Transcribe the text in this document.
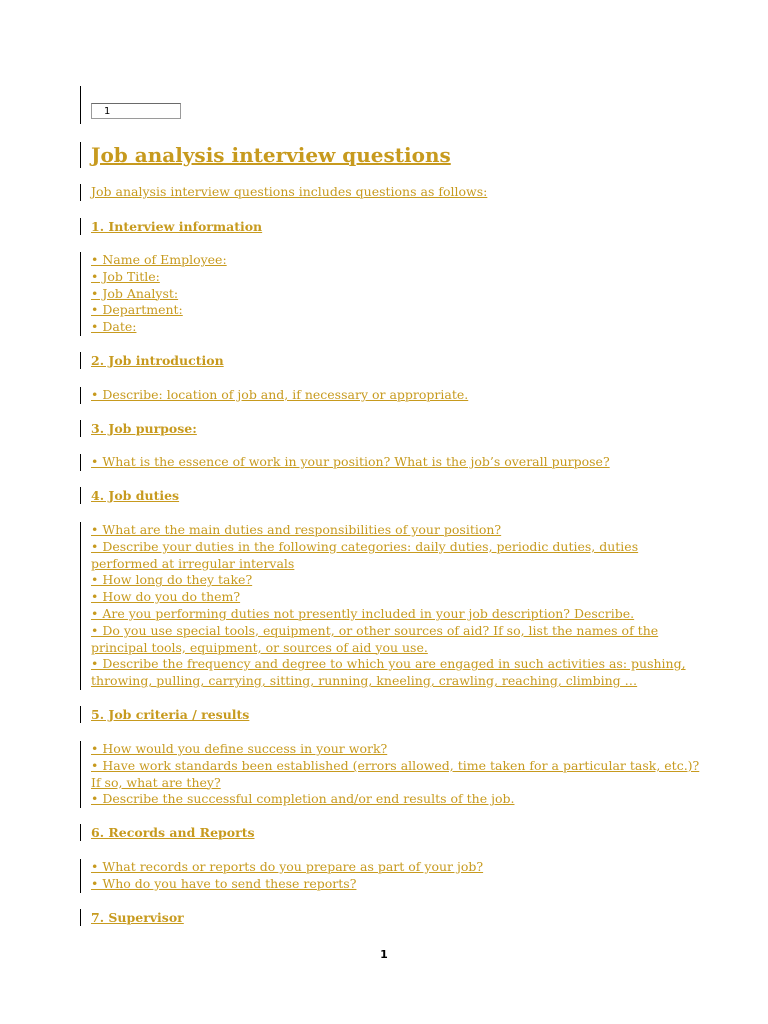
1
Job analysis interview questions
Job analysis interview questions includes questions as follows:
1. Interview information
• Name of Employee:
• Job Title:
• Job Analyst:
• Department:
• Date:
2. Job introduction
• Describe: location of job and, if necessary or appropriate.
3. Job purpose:
• What is the essence of work in your position? What is the job’s overall purpose?
4. Job duties
• What are the main duties and responsibilities of your position?
• Describe your duties in the following categories: daily duties, periodic duties, duties
performed at irregular intervals
• How long do they take?
• How do you do them?
• Are you performing duties not presently included in your job description? Describe.
• Do you use special tools, equipment, or other sources of aid? If so, list the names of the
principal tools, equipment, or sources of aid you use.
• Describe the frequency and degree to which you are engaged in such activities as: pushing,
throwing, pulling, carrying, sitting, running, kneeling, crawling, reaching, climbing …
5. Job criteria / results
• How would you define success in your work?
• Have work standards been established (errors allowed, time taken for a particular task, etc.)?
If so, what are they?
• Describe the successful completion and/or end results of the job.
6. Records and Reports
• What records or reports do you prepare as part of your job?
• Who do you have to send these reports?
7. Supervisor
1
